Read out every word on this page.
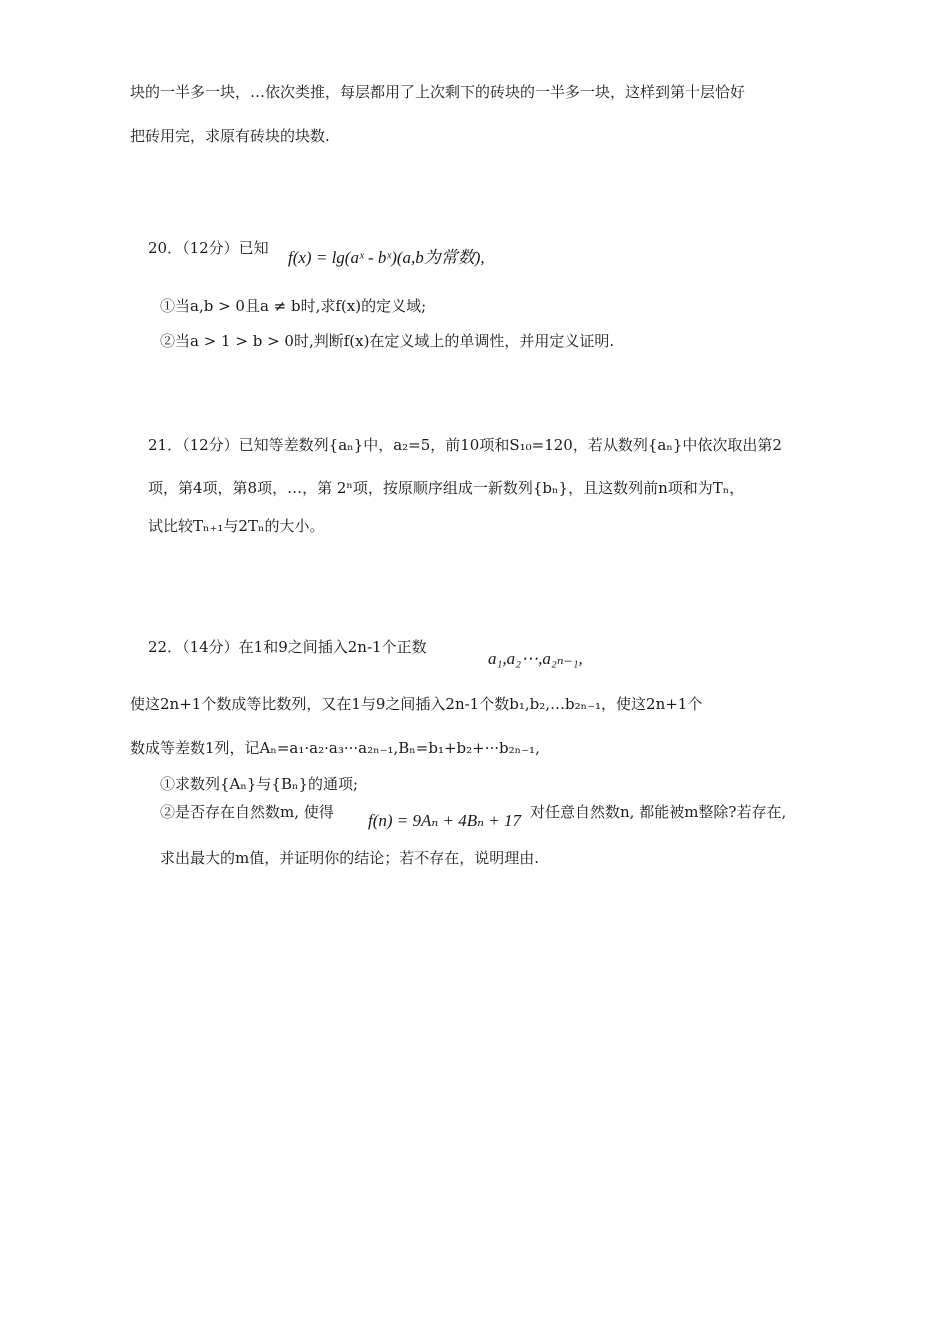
块的一半多一块，…依次类推，每层都用了上次剩下的砖块的一半多一块，这样到第十层恰好
把砖用完，求原有砖块的块数.
20．（12分）已知 f(x) = lg(aˣ - bˣ)(a,b为常数),
①当a,b > 0且a ≠ b时,求f(x)的定义域;
②当a > 1 > b > 0时,判断f(x)在定义域上的单调性，并用定义证明.
21．（12分）已知等差数列{aₙ}中，a₂=5，前10项和S₁₀=120，若从数列{aₙ}中依次取出第2
项，第4项，第8项，…，第 2ⁿ项，按原顺序组成一新数列{bₙ}，且这数列前n项和为Tₙ，
试比较Tₙ₊₁与2Tₙ的大小。
22．（14分）在1和9之间插入2n-1个正数
a₁,a₂⋯,a₂ₙ₋₁,
使这2n+1个数成等比数列，又在1与9之间插入2n-1个数b₁,b₂,…b₂ₙ₋₁，使这2n+1个
数成等差数1列，记Aₙ=a₁·a₂·a₃···a₂ₙ₋₁,Bₙ=b₁+b₂+···b₂ₙ₋₁,
①求数列{Aₙ}与{Bₙ}的通项;
②是否存在自然数m, 使得 f(n) = 9Aₙ + 4Bₙ + 17 对任意自然数n, 都能被m整除?若存在,
求出最大的m值，并证明你的结论；若不存在，说明理由.
